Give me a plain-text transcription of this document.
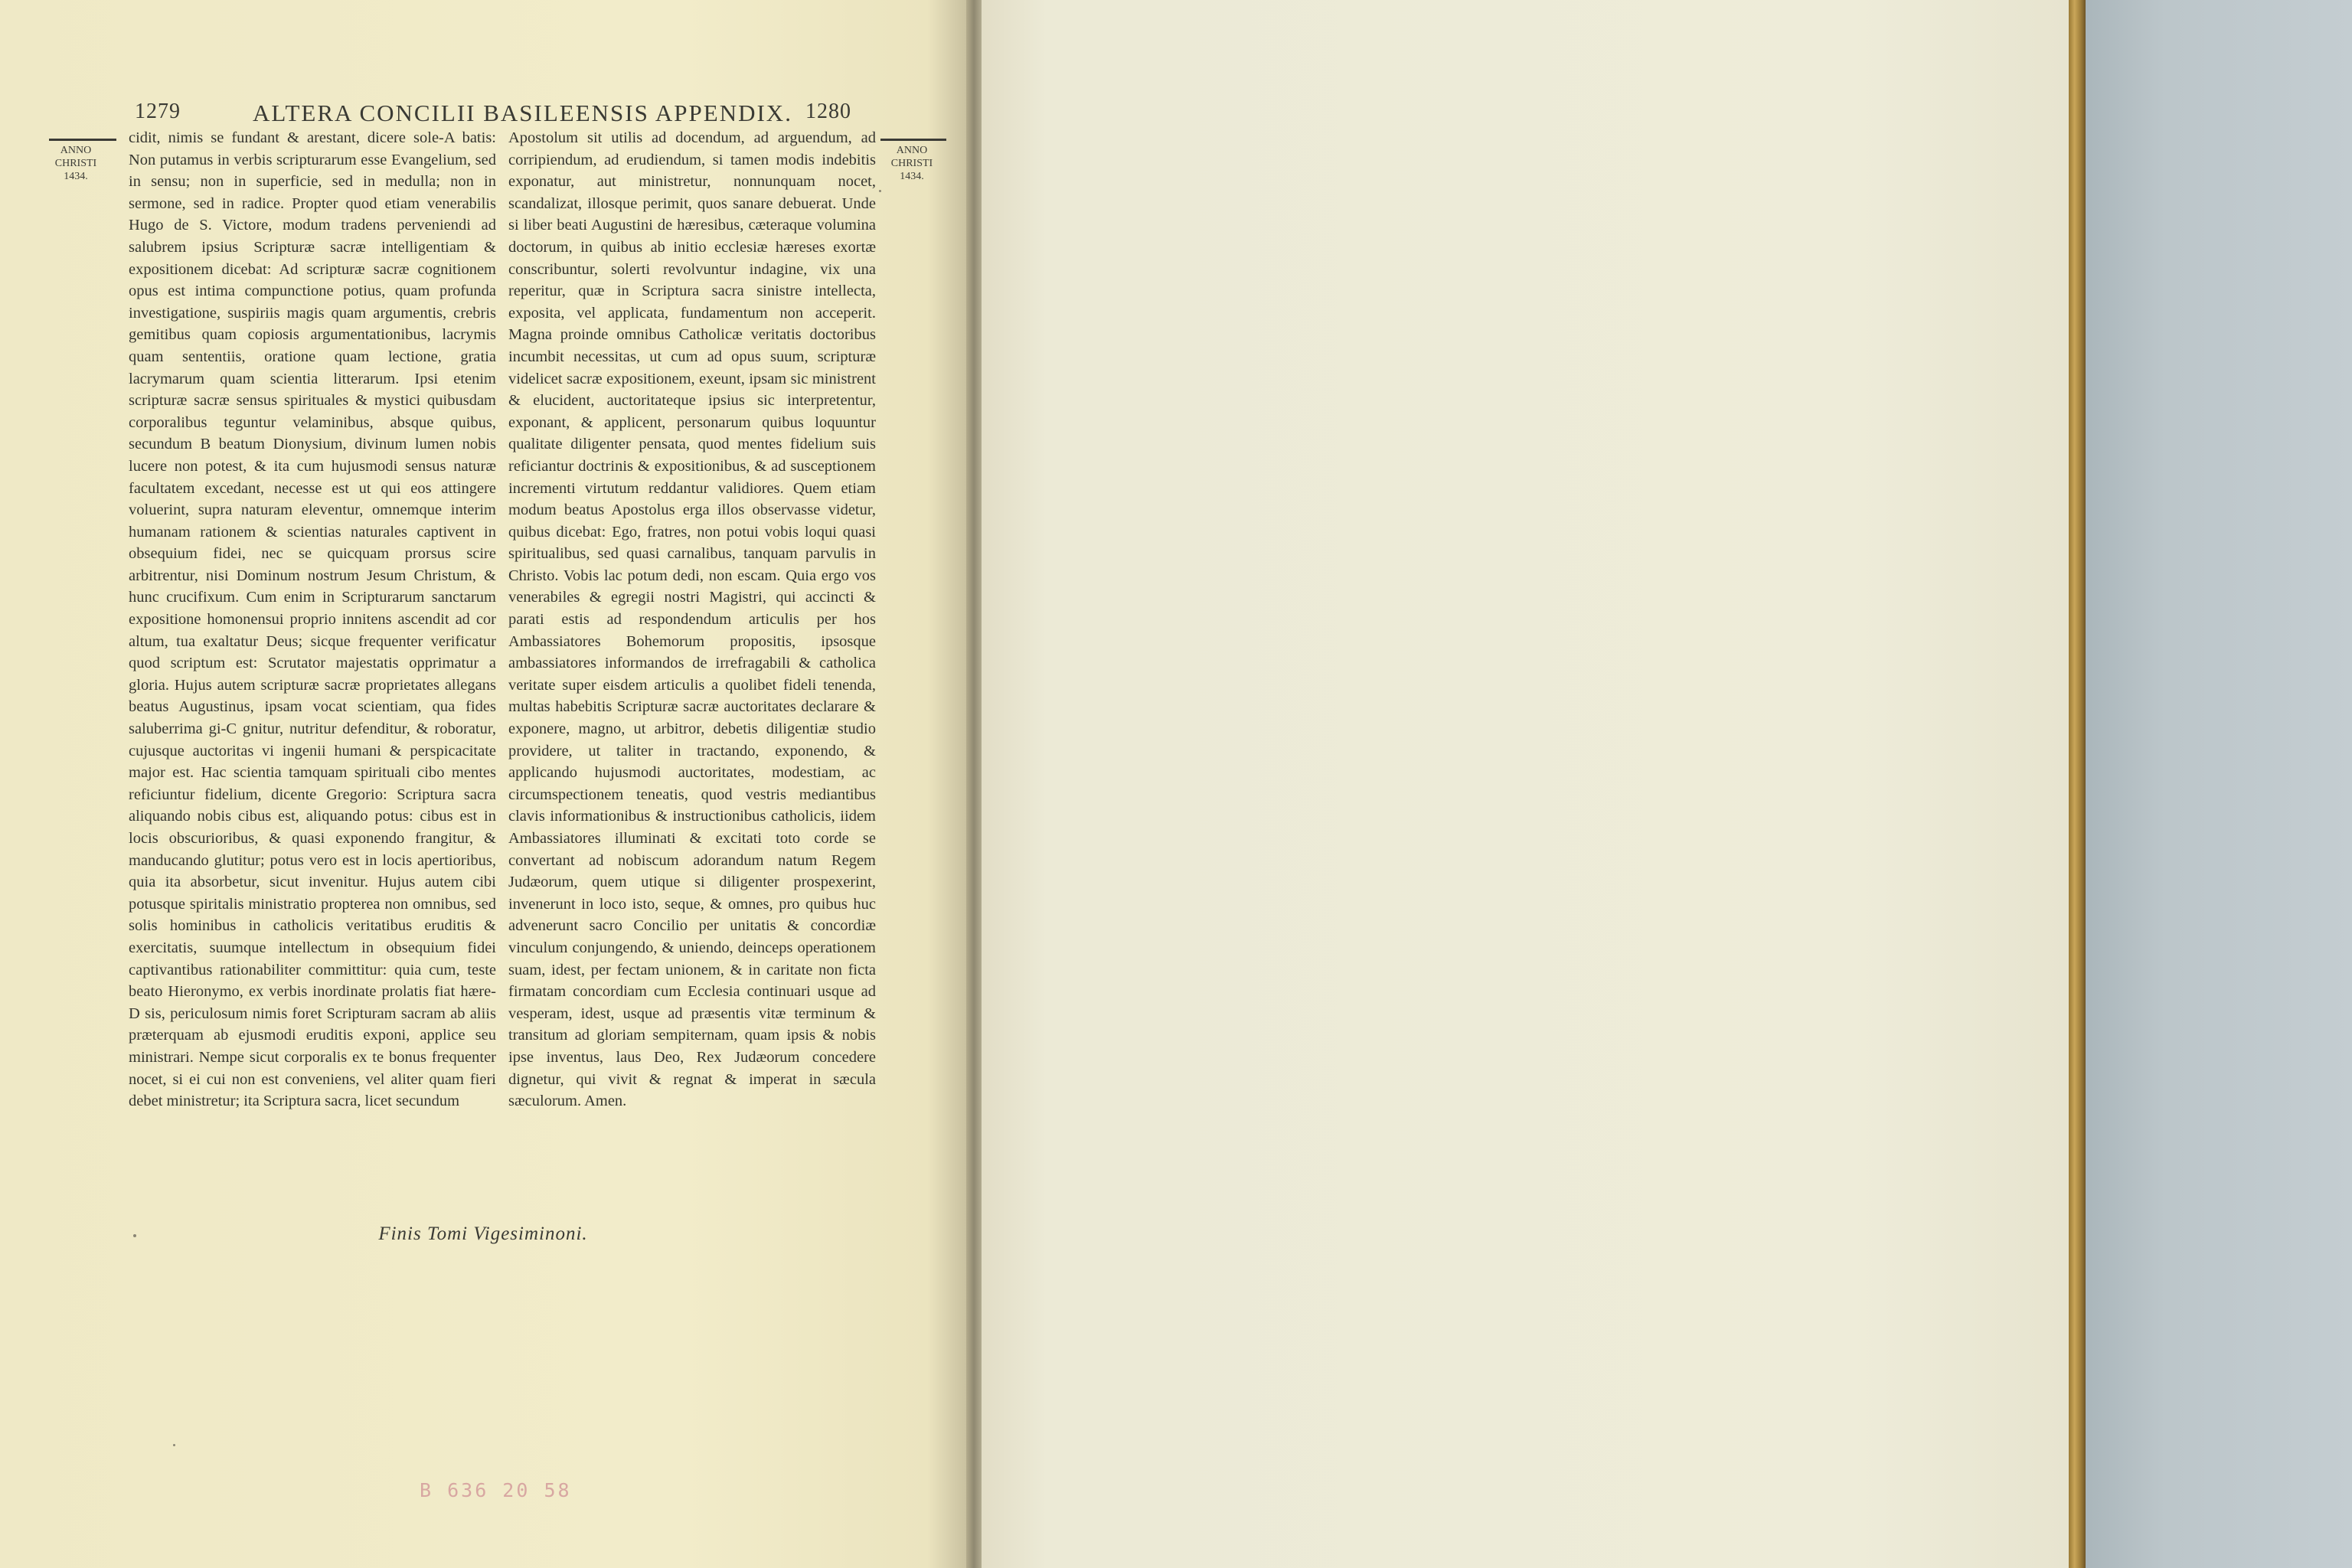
1279	ALTERA CONCILII BASILEENSIS APPENDIX. 1280
ANNO
CHRISTI
1434.
ANNO
CHRISTI
1434.

cidit, nimis se fundant & arestant, dicere sole-A batis: Non putamus in verbis scripturarum esse Evangelium, sed in sensu; non in superficie, sed in medulla; non in sermone, sed in radice. Propter quod etiam venerabilis Hugo de S. Victore, modum tradens perveniendi ad salubrem ipsius Scripturæ sacræ intelligentiam & expositionem dicebat: Ad scripturæ sacræ cognitionem opus est intima compunctione potius, quam profunda investigatione, suspiriis magis quam argumentis, crebris gemitibus quam copiosis argumentationibus, lacrymis quam sententiis, oratione quam lectione, gratia lacrymarum quam scientia litterarum. Ipsi etenim scripturæ sacræ sensus spirituales & mystici quibusdam corporalibus teguntur velaminibus, absque quibus, secundum B beatum Dionysium, divinum lumen nobis lucere non potest, & ita cum hujusmodi sensus naturæ facultatem excedant, necesse est ut qui eos attingere voluerint, supra naturam eleventur, omnemque interim humanam rationem & scientias naturales captivent in obsequium fidei, nec se quicquam prorsus scire arbitrentur, nisi Dominum nostrum Jesum Christum, & hunc crucifixum. Cum enim in Scripturarum sanctarum expositione homonensui proprio innitens ascendit ad cor altum, tua exaltatur Deus; sicque frequenter verificatur quod scriptum est: Scrutator majestatis opprimatur a gloria. Hujus autem scripturæ sacræ proprietates allegans beatus Augustinus, ipsam vocat scientiam, qua fides saluberrima gi-C gnitur, nutritur defenditur, & roboratur, cujusque auctoritas vi ingenii humani & perspicacitate major est. Hac scientia tamquam spirituali cibo mentes reficiuntur fidelium, dicente Gregorio: Scriptura sacra aliquando nobis cibus est, aliquando potus: cibus est in locis obscurioribus, & quasi exponendo frangitur, & manducando glutitur; potus vero est in locis apertioribus, quia ita absorbetur, sicut invenitur. Hujus autem cibi potusque spiritalis ministratio propterea non omnibus, sed solis hominibus in catholicis veritatibus eruditis & exercitatis, suumque intellectum in obsequium fidei captivantibus rationabiliter committitur: quia cum, teste beato Hieronymo, ex verbis inordinate prolatis fiat hære-D sis, periculosum nimis foret Scripturam sacram ab aliis præterquam ab ejusmodi eruditis exponi, applice seu ministrari. Nempe sicut corporalis ex te bonus frequenter nocet, si ei cui non est conveniens, vel aliter quam fieri debet ministretur; ita Scriptura sacra, licet secundum

Apostolum sit utilis ad docendum, ad arguendum, ad corripiendum, ad erudiendum, si tamen modis indebitis exponatur, aut ministretur, nonnunquam nocet, scandalizat, illosque perimit, quos sanare debuerat. Unde si liber beati Augustini de hæresibus, cæteraque volumina doctorum, in quibus ab initio ecclesiæ hæreses exortæ conscribuntur, solerti revolvuntur indagine, vix una reperitur, quæ in Scriptura sacra sinistre intellecta, exposita, vel applicata, fundamentum non acceperit. Magna proinde omnibus Catholicæ veritatis doctoribus incumbit necessitas, ut cum ad opus suum, scripturæ videlicet sacræ expositionem, exeunt, ipsam sic ministrent & elucident, auctoritateque ipsius sic interpretentur, exponant, & applicent, personarum quibus loquuntur qualitate diligenter pensata, quod mentes fidelium suis reficiantur doctrinis & expositionibus, & ad susceptionem incrementi virtutum reddantur validiores. Quem etiam modum beatus Apostolus erga illos observasse videtur, quibus dicebat: Ego, fratres, non potui vobis loqui quasi spiritualibus, sed quasi carnalibus, tanquam parvulis in Christo. Vobis lac potum dedi, non escam. Quia ergo vos venerabiles & egregii nostri Magistri, qui accincti & parati estis ad respondendum articulis per hos Ambassiatores Bohemorum propositis, ipsosque ambassiatores informandos de irrefragabili & catholica veritate super eisdem articulis a quolibet fideli tenenda, multas habebitis Scripturæ sacræ auctoritates declarare & exponere, magno, ut arbitror, debetis diligentiæ studio providere, ut taliter in tractando, exponendo, & applicando hujusmodi auctoritates, modestiam, ac circumspectionem teneatis, quod vestris mediantibus clavis informationibus & instructionibus catholicis, iidem Ambassiatores illuminati & excitati toto corde se convertant ad nobiscum adorandum natum Regem Judæorum, quem utique si diligenter prospexerint, invenerunt in loco isto, seque, & omnes, pro quibus huc advenerunt sacro Concilio per unitatis & concordiæ vinculum conjungendo, & uniendo, deinceps operationem suam, idest, per fectam unionem, & in caritate non ficta firmatam concordiam cum Ecclesia continuari usque ad vesperam, idest, usque ad præsentis vitæ terminum & transitum ad gloriam sempiternam, quam ipsis & nobis ipse inventus, laus Deo, Rex Judæorum concedere dignetur, qui vivit & regnat & imperat in sæcula sæculorum. Amen.

Finis Tomi Vigesiminoni.
B 636 20 58
